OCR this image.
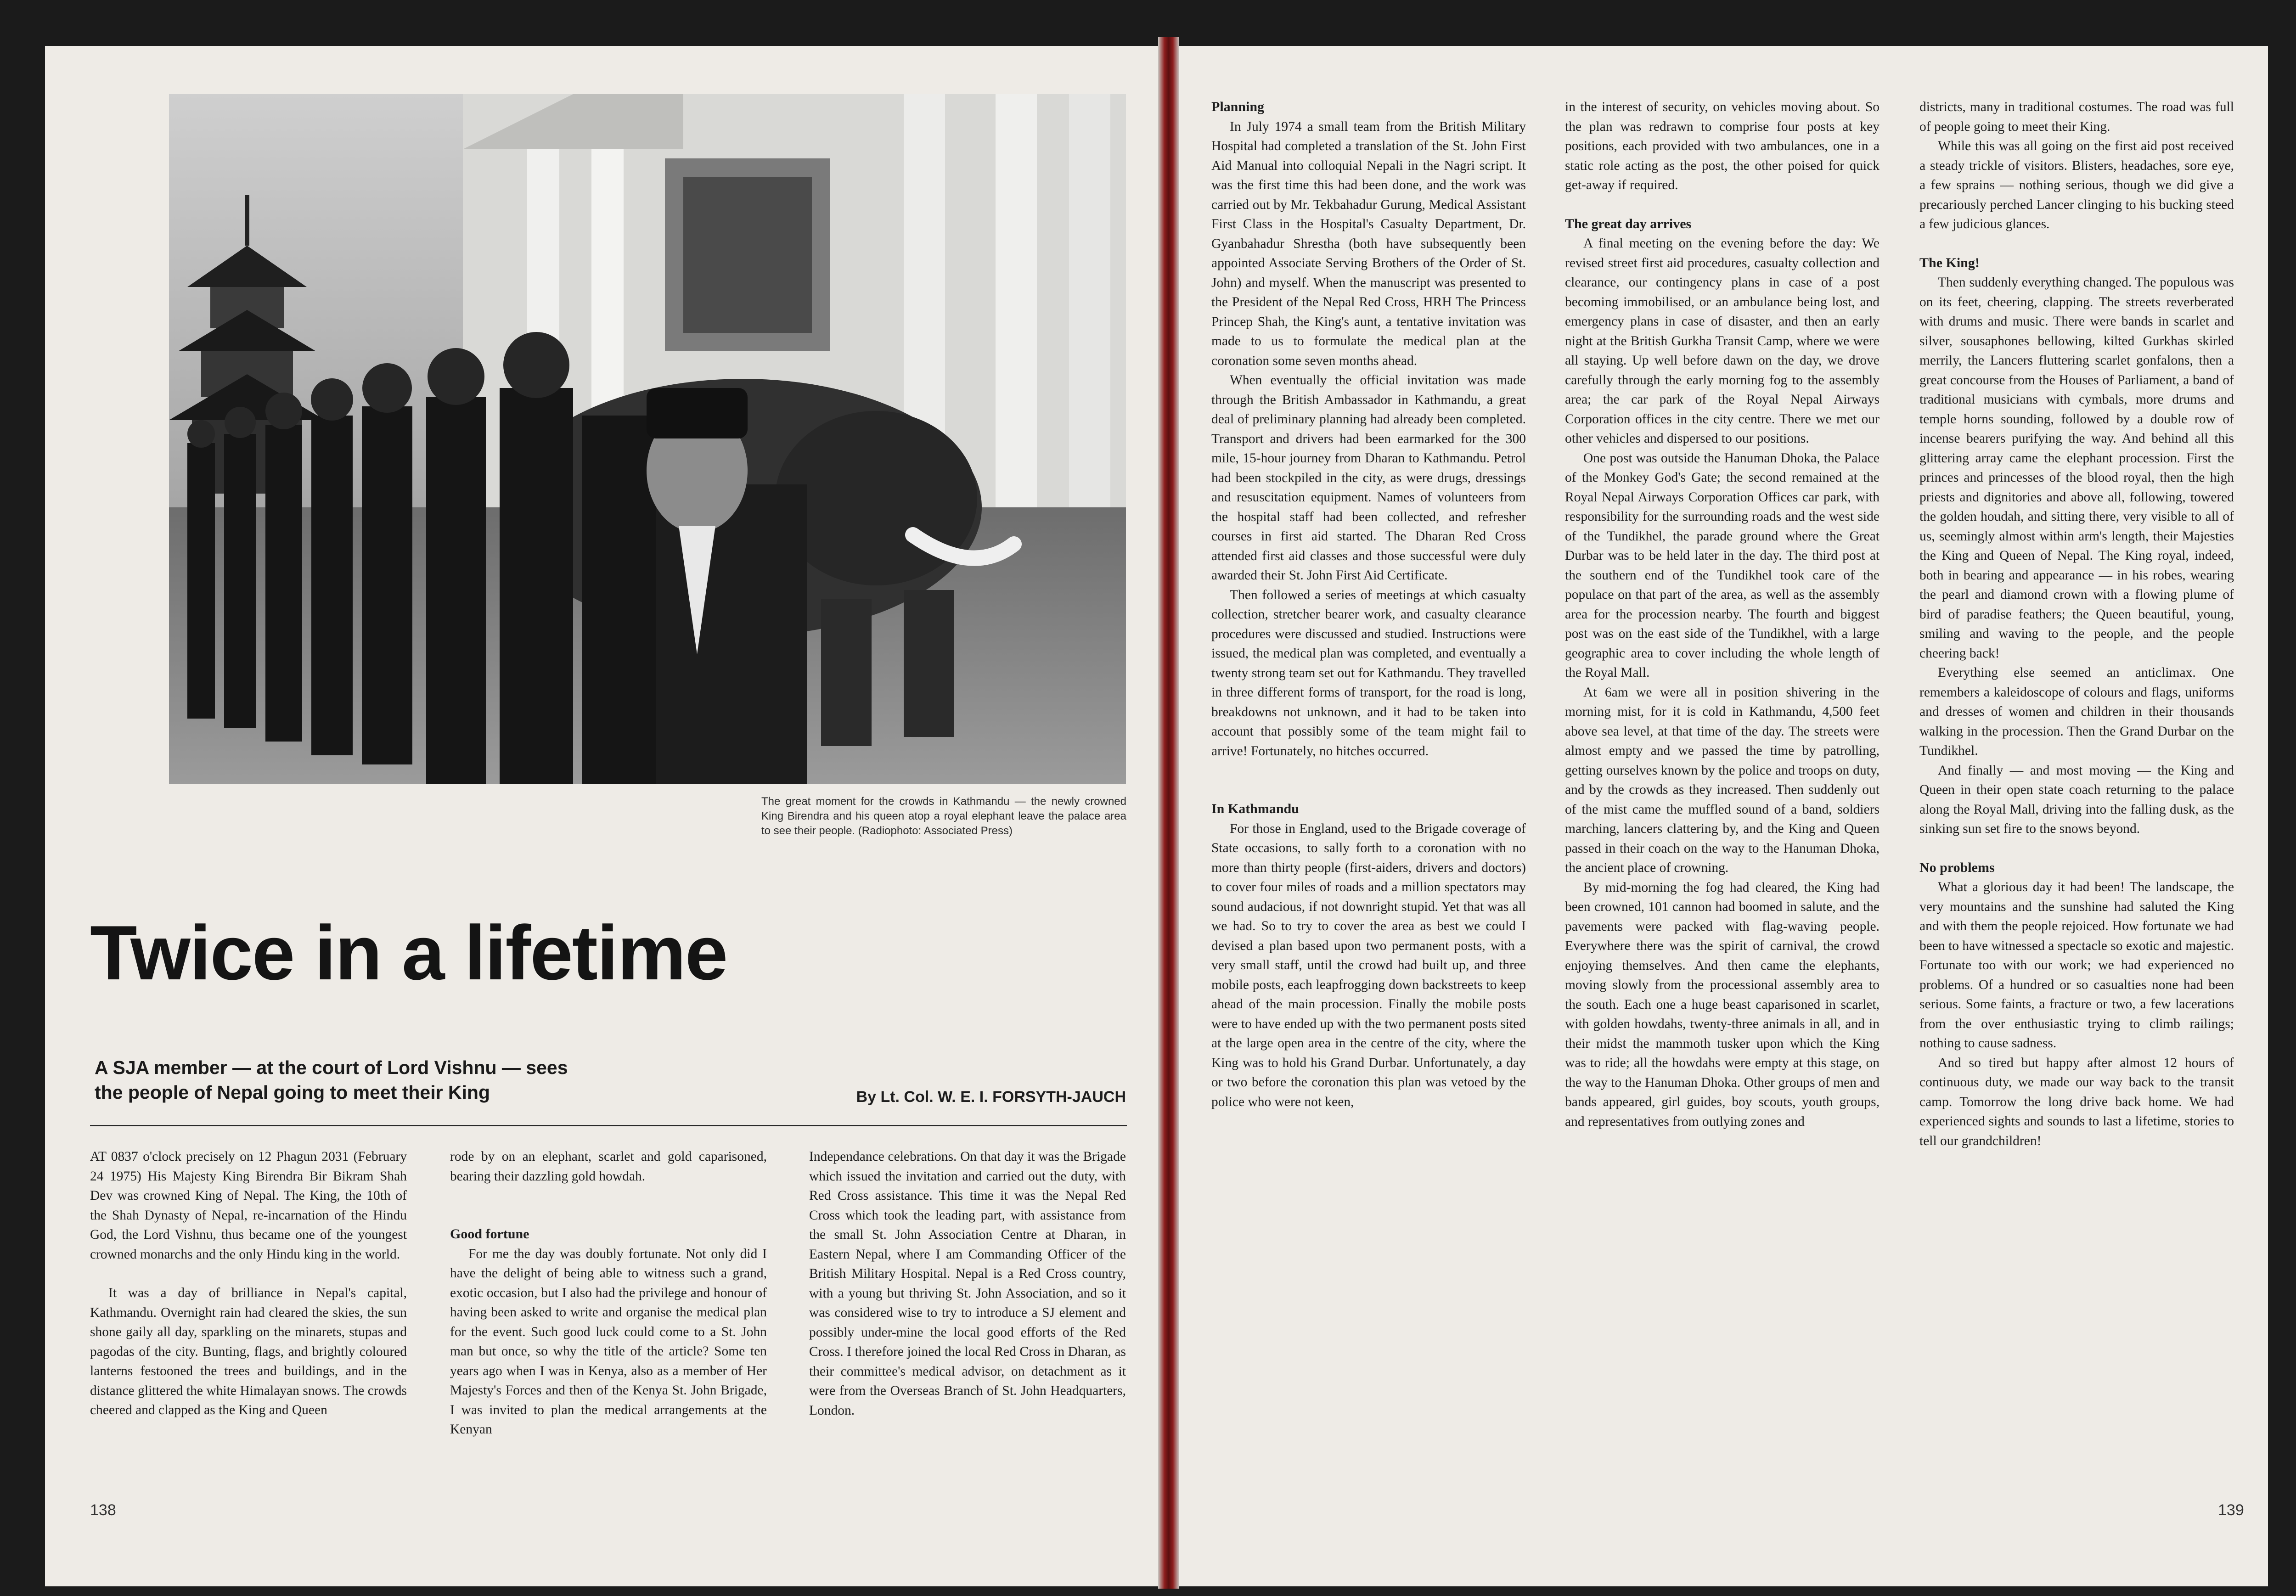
The great moment for the crowds in Kathmandu — the newly crowned King Birendra and his queen atop a royal elephant leave the palace area to see their people. (Radiophoto: Associated Press)
Twice in a lifetime
A SJA member — at the court of Lord Vishnu — sees
the people of Nepal going to meet their King	By Lt. Col. W. E. I. FORSYTH-JAUCH

AT 0837 o'clock precisely on 12 Phagun 2031 (February 24 1975) His Majesty King Birendra Bir Bikram Shah Dev was crowned King of Nepal. The King, the 10th of the Shah Dynasty of Nepal, re-incarnation of the Hindu God, the Lord Vishnu, thus became one of the youngest crowned monarchs and the only Hindu king in the world.

It was a day of brilliance in Nepal's capital, Kathmandu. Overnight rain had cleared the skies, the sun shone gaily all day, sparkling on the minarets, stupas and pagodas of the city. Bunting, flags, and brightly coloured lanterns festooned the trees and buildings, and in the distance glittered the white Himalayan snows. The crowds cheered and clapped as the King and Queen

rode by on an elephant, scarlet and gold caparisoned, bearing their dazzling gold howdah.

Good fortune

For me the day was doubly fortunate. Not only did I have the delight of being able to witness such a grand, exotic occasion, but I also had the privilege and honour of having been asked to write and organise the medical plan for the event. Such good luck could come to a St. John man but once, so why the title of the article? Some ten years ago when I was in Kenya, also as a member of Her Majesty's Forces and then of the Kenya St. John Brigade, I was invited to plan the medical arrangements at the Kenyan

Independance celebrations. On that day it was the Brigade which issued the invitation and carried out the duty, with Red Cross assistance. This time it was the Nepal Red Cross which took the leading part, with assistance from the small St. John Association Centre at Dharan, in Eastern Nepal, where I am Commanding Officer of the British Military Hospital. Nepal is a Red Cross country, with a young but thriving St. John Association, and so it was considered wise to try to introduce a SJ element and possibly under-mine the local good efforts of the Red Cross. I therefore joined the local Red Cross in Dharan, as their committee's medical advisor, on detachment as it were from the Overseas Branch of St. John Headquarters, London.

138
Planning

In July 1974 a small team from the British Military Hospital had completed a translation of the St. John First Aid Manual into colloquial Nepali in the Nagri script. It was the first time this had been done, and the work was carried out by Mr. Tekbahadur Gurung, Medical Assistant First Class in the Hospital's Casualty Department, Dr. Gyanbahadur Shrestha (both have subsequently been appointed Associate Serving Brothers of the Order of St. John) and myself. When the manuscript was presented to the President of the Nepal Red Cross, HRH The Princess Princep Shah, the King's aunt, a tentative invitation was made to us to formulate the medical plan at the coronation some seven months ahead.

When eventually the official invitation was made through the British Ambassador in Kathmandu, a great deal of preliminary planning had already been completed. Transport and drivers had been earmarked for the 300 mile, 15-hour journey from Dharan to Kathmandu. Petrol had been stockpiled in the city, as were drugs, dressings and resuscitation equipment. Names of volunteers from the hospital staff had been collected, and refresher courses in first aid started. The Dharan Red Cross attended first aid classes and those successful were duly awarded their St. John First Aid Certificate.

Then followed a series of meetings at which casualty collection, stretcher bearer work, and casualty clearance procedures were discussed and studied. Instructions were issued, the medical plan was completed, and eventually a twenty strong team set out for Kathmandu. They travelled in three different forms of transport, for the road is long, breakdowns not unknown, and it had to be taken into account that possibly some of the team might fail to arrive! Fortunately, no hitches occurred.

In Kathmandu

For those in England, used to the Brigade coverage of State occasions, to sally forth to a coronation with no more than thirty people (first-aiders, drivers and doctors) to cover four miles of roads and a million spectators may sound audacious, if not downright stupid. Yet that was all we had. So to try to cover the area as best we could I devised a plan based upon two permanent posts, with a very small staff, until the crowd had built up, and three mobile posts, each leapfrogging down backstreets to keep ahead of the main procession. Finally the mobile posts were to have ended up with the two permanent posts sited at the large open area in the centre of the city, where the King was to hold his Grand Durbar. Unfortunately, a day or two before the coronation this plan was vetoed by the police who were not keen,

in the interest of security, on vehicles moving about. So the plan was redrawn to comprise four posts at key positions, each provided with two ambulances, one in a static role acting as the post, the other poised for quick get-away if required.

The great day arrives

A final meeting on the evening before the day: We revised street first aid procedures, casualty collection and clearance, our contingency plans in case of a post becoming immobilised, or an ambulance being lost, and emergency plans in case of disaster, and then an early night at the British Gurkha Transit Camp, where we were all staying. Up well before dawn on the day, we drove carefully through the early morning fog to the assembly area; the car park of the Royal Nepal Airways Corporation offices in the city centre. There we met our other vehicles and dispersed to our positions.

One post was outside the Hanuman Dhoka, the Palace of the Monkey God's Gate; the second remained at the Royal Nepal Airways Corporation Offices car park, with responsibility for the surrounding roads and the west side of the Tundikhel, the parade ground where the Great Durbar was to be held later in the day. The third post at the southern end of the Tundikhel took care of the populace on that part of the area, as well as the assembly area for the procession nearby. The fourth and biggest post was on the east side of the Tundikhel, with a large geographic area to cover including the whole length of the Royal Mall.

At 6am we were all in position shivering in the morning mist, for it is cold in Kathmandu, 4,500 feet above sea level, at that time of the day. The streets were almost empty and we passed the time by patrolling, getting ourselves known by the police and troops on duty, and by the crowds as they increased. Then suddenly out of the mist came the muffled sound of a band, soldiers marching, lancers clattering by, and the King and Queen passed in their coach on the way to the Hanuman Dhoka, the ancient place of crowning.

By mid-morning the fog had cleared, the King had been crowned, 101 cannon had boomed in salute, and the pavements were packed with flag-waving people. Everywhere there was the spirit of carnival, the crowd enjoying themselves. And then came the elephants, moving slowly from the processional assembly area to the south. Each one a huge beast caparisoned in scarlet, with golden howdahs, twenty-three animals in all, and in their midst the mammoth tusker upon which the King was to ride; all the howdahs were empty at this stage, on the way to the Hanuman Dhoka. Other groups of men and bands appeared, girl guides, boy scouts, youth groups, and representatives from outlying zones and

districts, many in traditional costumes. The road was full of people going to meet their King.

While this was all going on the first aid post received a steady trickle of visitors. Blisters, headaches, sore eye, a few sprains — nothing serious, though we did give a precariously perched Lancer clinging to his bucking steed a few judicious glances.

The King!

Then suddenly everything changed. The populous was on its feet, cheering, clapping. The streets reverberated with drums and music. There were bands in scarlet and silver, sousaphones bellowing, kilted Gurkhas skirled merrily, the Lancers fluttering scarlet gonfalons, then a great concourse from the Houses of Parliament, a band of traditional musicians with cymbals, more drums and temple horns sounding, followed by a double row of incense bearers purifying the way. And behind all this glittering array came the elephant procession. First the princes and princesses of the blood royal, then the high priests and dignitories and above all, following, towered the golden houdah, and sitting there, very visible to all of us, seemingly almost within arm's length, their Majesties the King and Queen of Nepal. The King royal, indeed, both in bearing and appearance — in his robes, wearing the pearl and diamond crown with a flowing plume of bird of paradise feathers; the Queen beautiful, young, smiling and waving to the people, and the people cheering back!

Everything else seemed an anticlimax. One remembers a kaleidoscope of colours and flags, uniforms and dresses of women and children in their thousands walking in the procession. Then the Grand Durbar on the Tundikhel.

And finally — and most moving — the King and Queen in their open state coach returning to the palace along the Royal Mall, driving into the falling dusk, as the sinking sun set fire to the snows beyond.

No problems

What a glorious day it had been! The landscape, the very mountains and the sunshine had saluted the King and with them the people rejoiced. How fortunate we had been to have witnessed a spectacle so exotic and majestic. Fortunate too with our work; we had experienced no problems. Of a hundred or so casualties none had been serious. Some faints, a fracture or two, a few lacerations from the over enthusiastic trying to climb railings; nothing to cause sadness.

And so tired but happy after almost 12 hours of continuous duty, we made our way back to the transit camp. Tomorrow the long drive back home. We had experienced sights and sounds to last a lifetime, stories to tell our grandchildren!

139
